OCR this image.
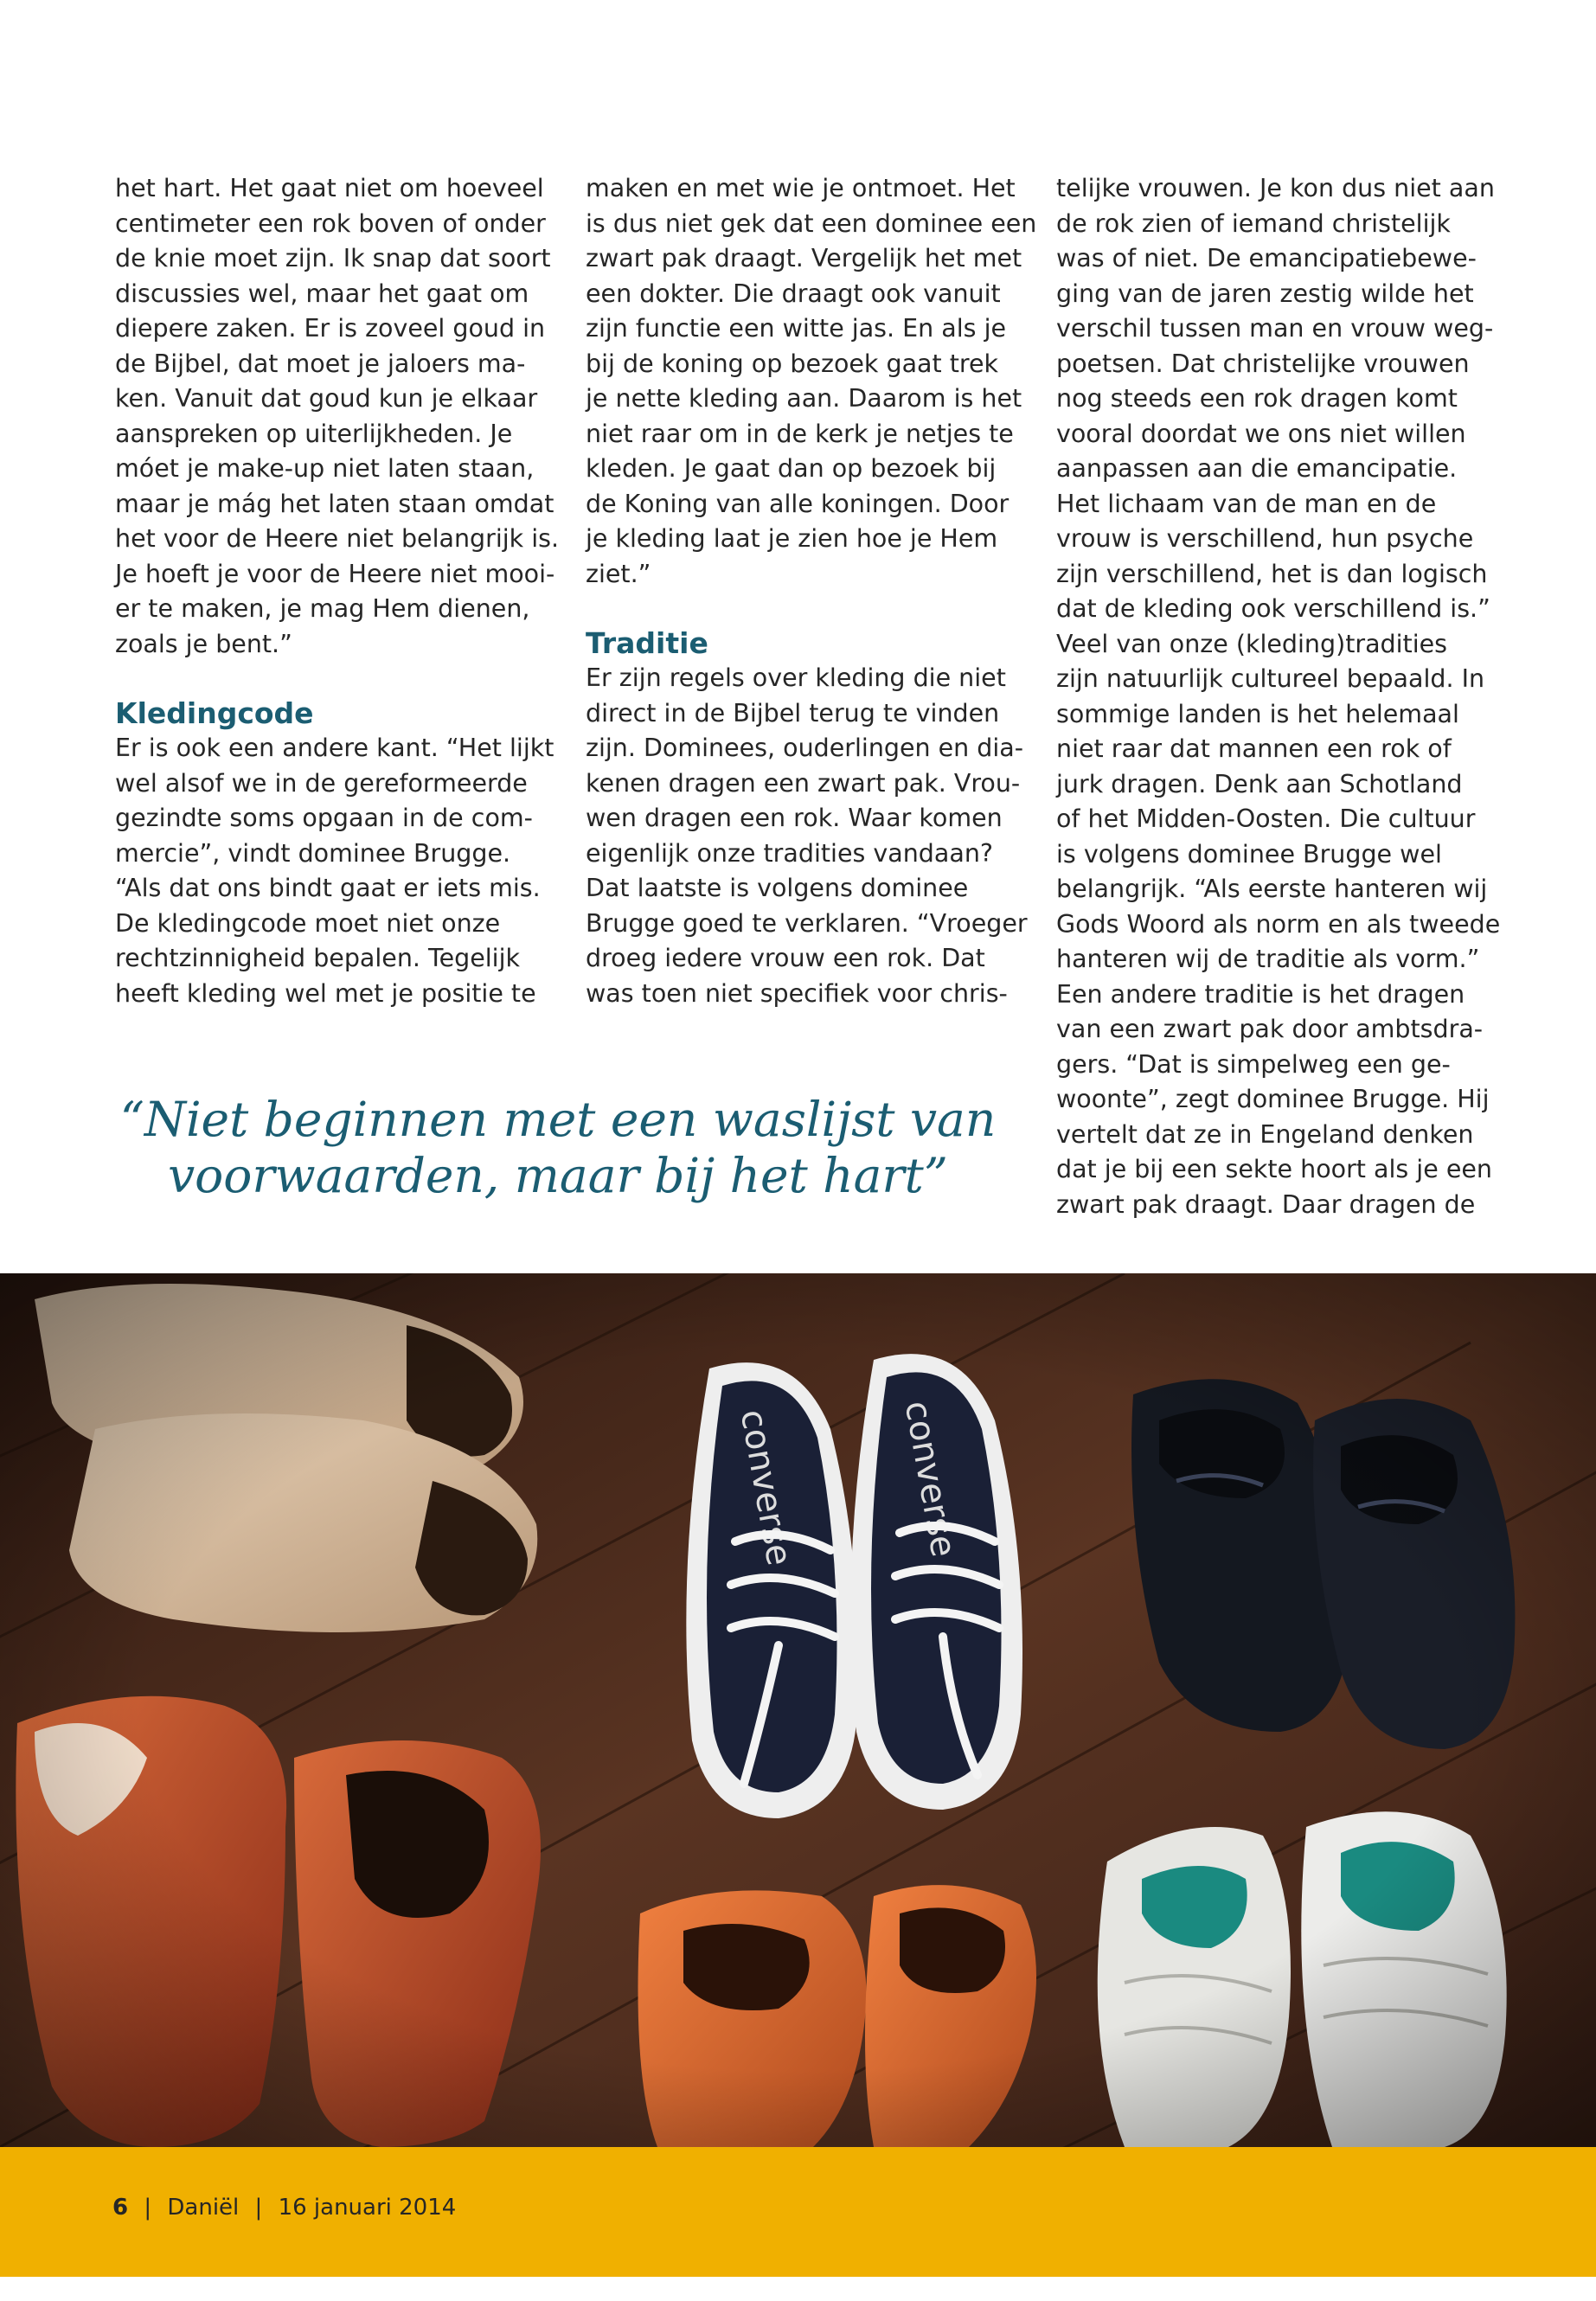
het hart. Het gaat niet om hoeveel

centimeter een rok boven of onder

de knie moet zijn. Ik snap dat soort

discussies wel, maar het gaat om

diepere zaken. Er is zoveel goud in

de Bijbel, dat moet je jaloers ma-

ken. Vanuit dat goud kun je elkaar

aanspreken op uiterlijkheden. Je

móet je make-up niet laten staan,

maar je mág het laten staan omdat

het voor de Heere niet belangrijk is.

Je hoeft je voor de Heere niet mooi-

er te maken, je mag Hem dienen,

zoals je bent.”

Kledingcode

Er is ook een andere kant. “Het lijkt

wel alsof we in de gereformeerde

gezindte soms opgaan in de com-

mercie”, vindt dominee Brugge.

“Als dat ons bindt gaat er iets mis.

De kledingcode moet niet onze

rechtzinnigheid bepalen. Tegelijk

heeft kleding wel met je positie te

maken en met wie je ontmoet. Het

is dus niet gek dat een dominee een

zwart pak draagt. Vergelijk het met

een dokter. Die draagt ook vanuit

zijn functie een witte jas. En als je

bij de koning op bezoek gaat trek

je nette kleding aan. Daarom is het

niet raar om in de kerk je netjes te

kleden. Je gaat dan op bezoek bij

de Koning van alle koningen. Door

je kleding laat je zien hoe je Hem

ziet.”

Traditie

Er zijn regels over kleding die niet

direct in de Bijbel terug te vinden

zijn. Dominees, ouderlingen en dia-

kenen dragen een zwart pak. Vrou-

wen dragen een rok. Waar komen

eigenlijk onze tradities vandaan?

Dat laatste is volgens dominee

Brugge goed te verklaren. “Vroeger

droeg iedere vrouw een rok. Dat

was toen niet specifiek voor chris-

telijke vrouwen. Je kon dus niet aan

de rok zien of iemand christelijk

was of niet. De emancipatiebewe-

ging van de jaren zestig wilde het

verschil tussen man en vrouw weg-

poetsen. Dat christelijke vrouwen

nog steeds een rok dragen komt

vooral doordat we ons niet willen

aanpassen aan die emancipatie.

Het lichaam van de man en de

vrouw is verschillend, hun psyche

zijn verschillend, het is dan logisch

dat de kleding ook verschillend is.”

Veel van onze (kleding)tradities

zijn natuurlijk cultureel bepaald. In

sommige landen is het helemaal

niet raar dat mannen een rok of

jurk dragen. Denk aan Schotland

of het Midden-Oosten. Die cultuur

is volgens dominee Brugge wel

belangrijk. “Als eerste hanteren wij

Gods Woord als norm en als tweede

hanteren wij de traditie als vorm.”

Een andere traditie is het dragen

van een zwart pak door ambtsdra-

gers. “Dat is simpelweg een ge-

woonte”, zegt dominee Brugge. Hij

vertelt dat ze in Engeland denken

dat je bij een sekte hoort als je een

zwart pak draagt. Daar dragen de

“Niet beginnen met een waslijst van

voorwaarden, maar bij het hart”

6 | Daniël | 16 januari 2014
